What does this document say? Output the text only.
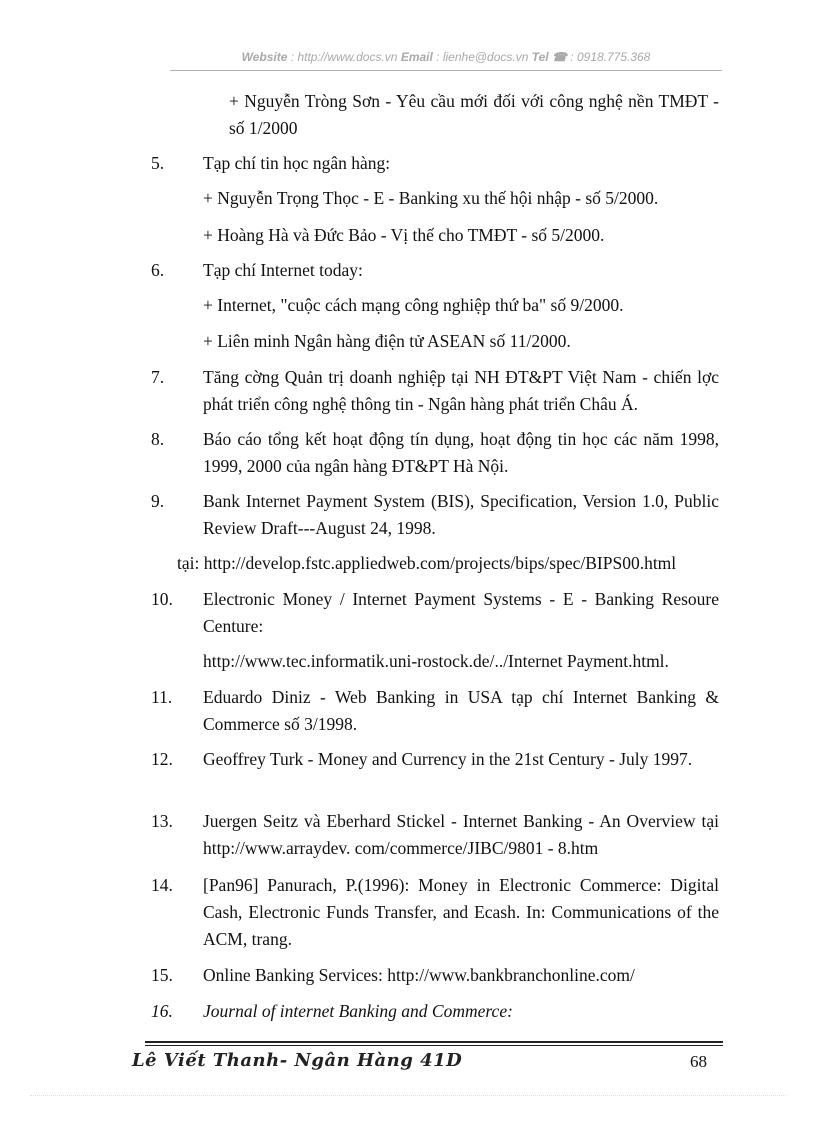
Website : http://www.docs.vn Email : lienhe@docs.vn Tel ☎ : 0918.775.368
+ Nguyễn Tròng Sơn - Yêu cầu mới đối với công nghệ nền TMĐT - số 1/2000
5. Tạp chí tin học ngân hàng:
+ Nguyễn Trọng Thọc - E - Banking xu thế hội nhập - số 5/2000.
+ Hoàng Hà và Đức Bảo - Vị thế cho TMĐT - số 5/2000.
6. Tạp chí Internet today:
+ Internet, "cuộc cách mạng công nghiệp thứ ba" số 9/2000.
+ Liên minh Ngân hàng điện tử ASEAN số 11/2000.
7. Tăng cờng Quản trị doanh nghiệp tại NH ĐT&PT Việt Nam - chiến lợc phát triển công nghệ thông tin - Ngân hàng phát triển Châu Á.
8. Báo cáo tổng kết hoạt động tín dụng, hoạt động tin học các năm 1998, 1999, 2000 của ngân hàng ĐT&PT Hà Nội.
9. Bank Internet Payment System (BIS), Specification, Version 1.0, Public Review Draft---August 24, 1998.
tại: http://develop.fstc.appliedweb.com/projects/bips/spec/BIPS00.html
10. Electronic Money / Internet Payment Systems - E - Banking Resoure Centure:
http://www.tec.informatik.uni-rostock.de/../Internet Payment.html.
11. Eduardo Diniz - Web Banking in USA tạp chí Internet Banking & Commerce số 3/1998.
12. Geoffrey Turk - Money and Currency in the 21st Century - July 1997.
13. Juergen Seitz và Eberhard Stickel - Internet Banking - An Overview tại http://www.arraydev. com/commerce/JIBC/9801 - 8.htm
14. [Pan96] Panurach, P.(1996): Money in Electronic Commerce: Digital Cash, Electronic Funds Transfer, and Ecash. In: Communications of the ACM, trang.
15. Online Banking Services: http://www.bankbranchonline.com/
16. Journal of internet Banking and Commerce:
Lê Viết Thanh- Ngân Hàng 41D	68
